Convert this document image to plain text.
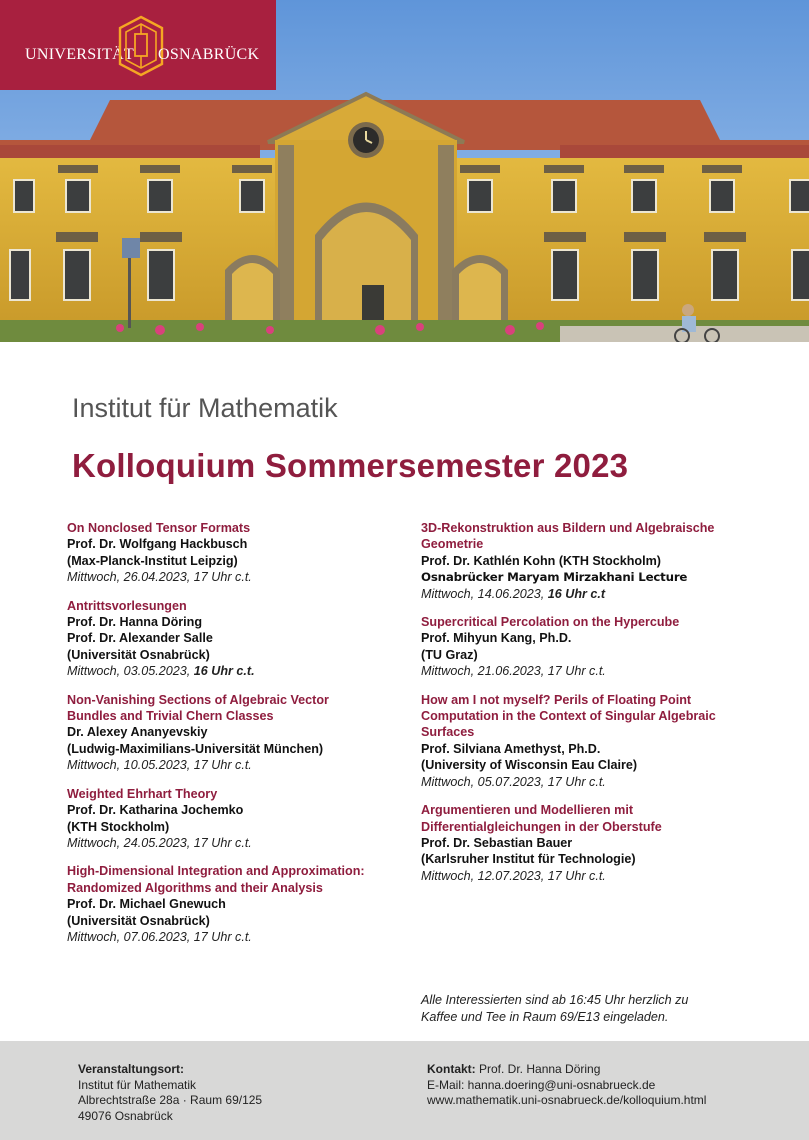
UNIVERSITÄT OSNABRÜCK
Institut für Mathematik
Kolloquium Sommersemester 2023
On Nonclosed Tensor Formats
Prof. Dr. Wolfgang Hackbusch
(Max-Planck-Institut Leipzig)
Mittwoch, 26.04.2023, 17 Uhr c.t.
Antrittsvorlesungen
Prof. Dr. Hanna Döring
Prof. Dr. Alexander Salle
(Universität Osnabrück)
Mittwoch, 03.05.2023, 16 Uhr c.t.
Non-Vanishing Sections of Algebraic Vector
Bundles and Trivial Chern Classes
Dr. Alexey Ananyevskiy
(Ludwig-Maximilians-Universität München)
Mittwoch, 10.05.2023, 17 Uhr c.t.
Weighted Ehrhart Theory
Prof. Dr. Katharina Jochemko
(KTH Stockholm)
Mittwoch, 24.05.2023, 17 Uhr c.t.
High-Dimensional Integration and Approximation:
Randomized Algorithms and their Analysis
Prof. Dr. Michael Gnewuch
(Universität Osnabrück)
Mittwoch, 07.06.2023, 17 Uhr c.t.
3D-Rekonstruktion aus Bildern und Algebraische
Geometrie
Prof. Dr. Kathlén Kohn (KTH Stockholm)
Osnabrücker Maryam Mirzakhani Lecture
Mittwoch, 14.06.2023, 16 Uhr c.t
Supercritical Percolation on the Hypercube
Prof. Mihyun Kang, Ph.D.
(TU Graz)
Mittwoch, 21.06.2023, 17 Uhr c.t.
How am I not myself? Perils of Floating Point
Computation in the Context of Singular Algebraic
Surfaces
Prof. Silviana Amethyst, Ph.D.
(University of Wisconsin Eau Claire)
Mittwoch, 05.07.2023, 17 Uhr c.t.
Argumentieren und Modellieren mit
Differentialgleichungen in der Oberstufe
Prof. Dr. Sebastian Bauer
(Karlsruher Institut für Technologie)
Mittwoch, 12.07.2023, 17 Uhr c.t.
Alle Interessierten sind ab 16:45 Uhr herzlich zu
Kaffee und Tee in Raum 69/E13 eingeladen.
Veranstaltungsort:
Institut für Mathematik
Albrechtstraße 28a · Raum 69/125
49076 Osnabrück
Kontakt: Prof. Dr. Hanna Döring
E-Mail: hanna.doering@uni-osnabrueck.de
www.mathematik.uni-osnabrueck.de/kolloquium.html
